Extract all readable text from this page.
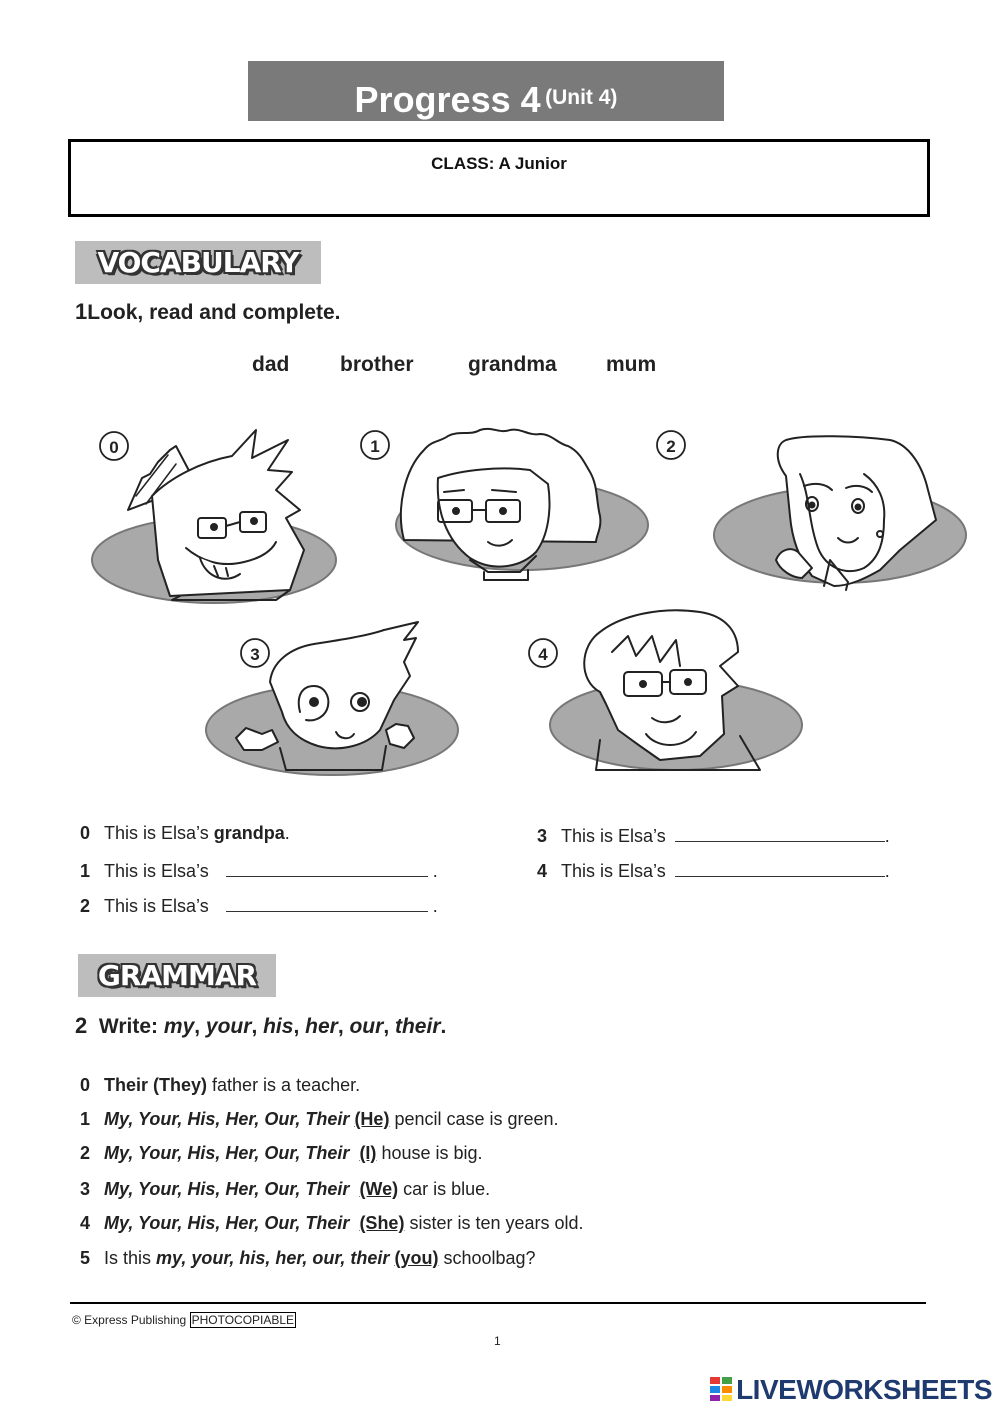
Progress 4 (Unit 4)
CLASS: A Junior
VOCABULARY
1Look, read and complete.
dad brother	grandma mum
0	1	2
3	4
0 This is Elsa’s grandpa.
1 This is Elsa’s	.
2 This is Elsa’s	.
3 This is Elsa’s	.
4 This is Elsa’s	.
GRAMMAR
2 Write: my, your, his, her, our, their.
0 Their (They) father is a teacher.
1 My, Your, His, Her, Our, Their (He) pencil case is green.
2 My, Your, His, Her, Our, Their (I) house is big.
3 My, Your, His, Her, Our, Their (We) car is blue.
4 My, Your, His, Her, Our, Their (She) sister is ten years old.
5 Is this my, your, his, her, our, their (you) schoolbag?
© Express Publishing PHOTOCOPIABLE
1
LIVEWORKSHEETS
